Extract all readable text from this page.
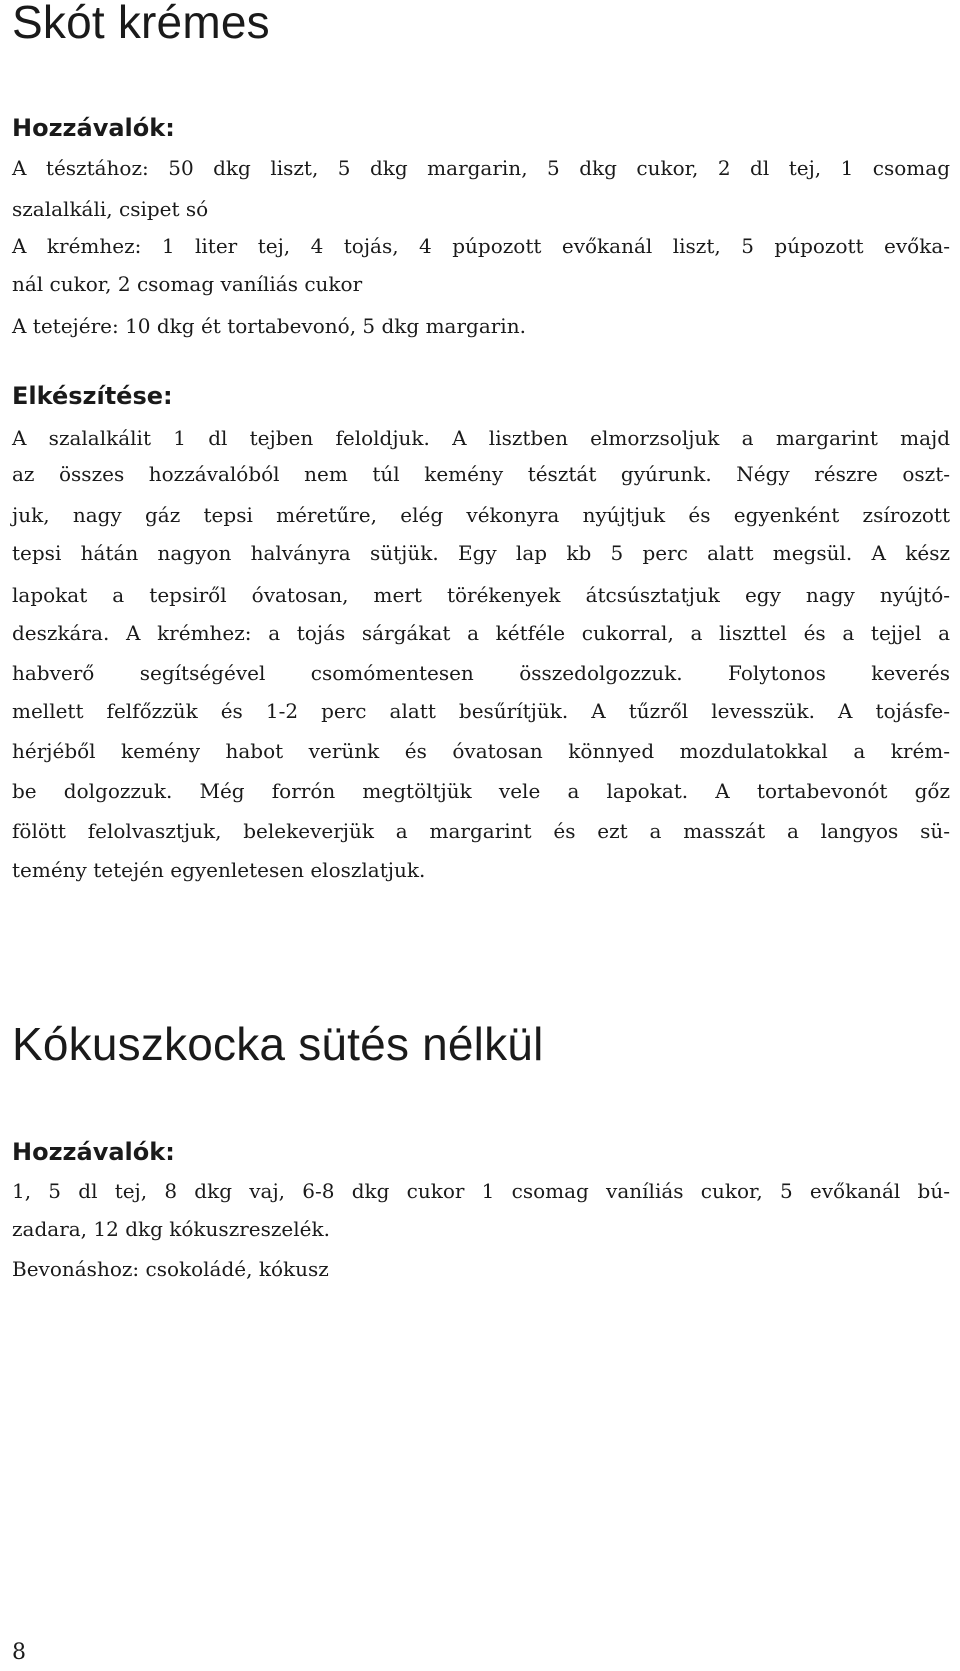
Skót krémes
Hozzávalók:

A tésztához: 50 dkg liszt, 5 dkg margarin, 5 dkg cukor, 2 dl tej, 1 csomag

szalalkáli, csipet só

A krémhez: 1 liter tej, 4 tojás, 4 púpozott evőkanál liszt, 5 púpozott evőka-

nál cukor, 2 csomag vaníliás cukor

A tetejére: 10 dkg ét tortabevonó, 5 dkg margarin.

Elkészítése:

A szalalkálit 1 dl tejben feloldjuk. A lisztben elmorzsoljuk a margarint majd

az összes hozzávalóból nem túl kemény tésztát gyúrunk. Négy részre oszt-

juk, nagy gáz tepsi méretűre, elég vékonyra nyújtjuk és egyenként zsírozott

tepsi hátán nagyon halványra sütjük. Egy lap kb 5 perc alatt megsül. A kész

lapokat a tepsiről óvatosan, mert törékenyek átcsúsztatjuk egy nagy nyújtó-

deszkára. A krémhez: a tojás sárgákat a kétféle cukorral, a liszttel és a tejjel a

habverő segítségével csomómentesen összedolgozzuk. Folytonos keverés

mellett felfőzzük és 1-2 perc alatt besűrítjük. A tűzről levesszük. A tojásfe-

hérjéből kemény habot verünk és óvatosan könnyed mozdulatokkal a krém-

be dolgozzuk. Még forrón megtöltjük vele a lapokat. A tortabevonót gőz

fölött felolvasztjuk, belekeverjük a margarint és ezt a masszát a langyos sü-

temény tetején egyenletesen eloszlatjuk.

Kókuszkocka sütés nélkül
Hozzávalók:

1, 5 dl tej, 8 dkg vaj, 6-8 dkg cukor 1 csomag vaníliás cukor, 5 evőkanál bú-

zadara, 12 dkg kókuszreszelék.

Bevonáshoz: csokoládé, kókusz

8
